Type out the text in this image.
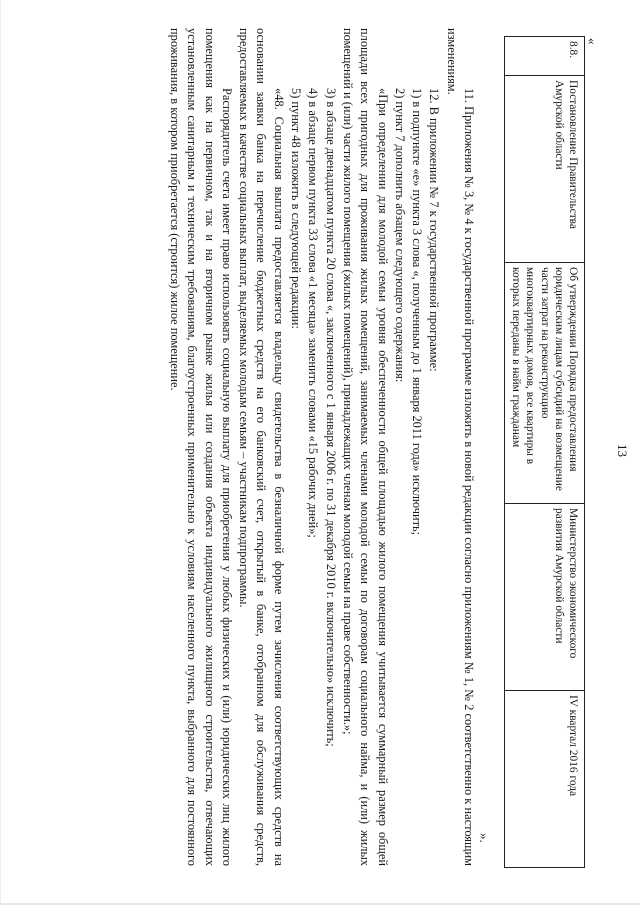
13
«
8.8.	Постановление Правительства Амурской области	Об утверждении Порядка предоставления юридическим лицам субсидий на возмещение части затрат на реконструкцию многоквартирных домов, все квартиры в которых переданы в найм гражданам	Министерство экономического развития Амурской области	IV квартал 2016 года
».

11. Приложения № 3, № 4 к государственной программе изложить в новой редакции согласно приложениям № 1, № 2 соответственно к настоящим изменениям.

12. В приложении № 7 к государственной программе:

1) в подпункте «е» пункта 3 слова «, полученным до 1 января 2011 года» исключить;

2) пункт 7 дополнить абзацем следующего содержания:

«При определении для молодой семьи уровня обеспеченности общей площадью жилого помещения учитывается суммарный размер общей площади всех пригодных для проживания жилых помещений, занимаемых членами молодой семьи по договорам социального найма, и (или) жилых помещений и (или) части жилого помещения (жилых помещений), принадлежащих членам молодой семьи на праве собственности.»;

3) в абзаце двенадцатом пункта 20 слова «, заключенного с 1 января 2006 г. по 31 декабря 2010 г. включительно» исключить;

4) в абзаце первом пункта 33 слова «1 месяца» заменить словами «15 рабочих дней»;

5) пункт 48 изложить в следующей редакции:

«48. Социальная выплата предоставляется владельцу свидетельства в безналичной форме путем зачисления соответствующих средств на основании заявки банка на перечисление бюджетных средств на его банковский счет, открытый в банке, отобранном для обслуживания средств, предоставляемых в качестве социальных выплат, выделяемых молодым семьям – участникам подпрограммы.

Распорядитель счета имеет право использовать социальную выплату для приобретения у любых физических и (или) юридических лиц жилого помещения как на первичном, так и на вторичном рынке жилья или создания объекта индивидуального жилищного строительства, отвечающих установленным санитарным и техническим требованиям, благоустроенных применительно к условиям населенного пункта, выбранного для постоянного проживания, в котором приобретается (строится) жилое помещение.
